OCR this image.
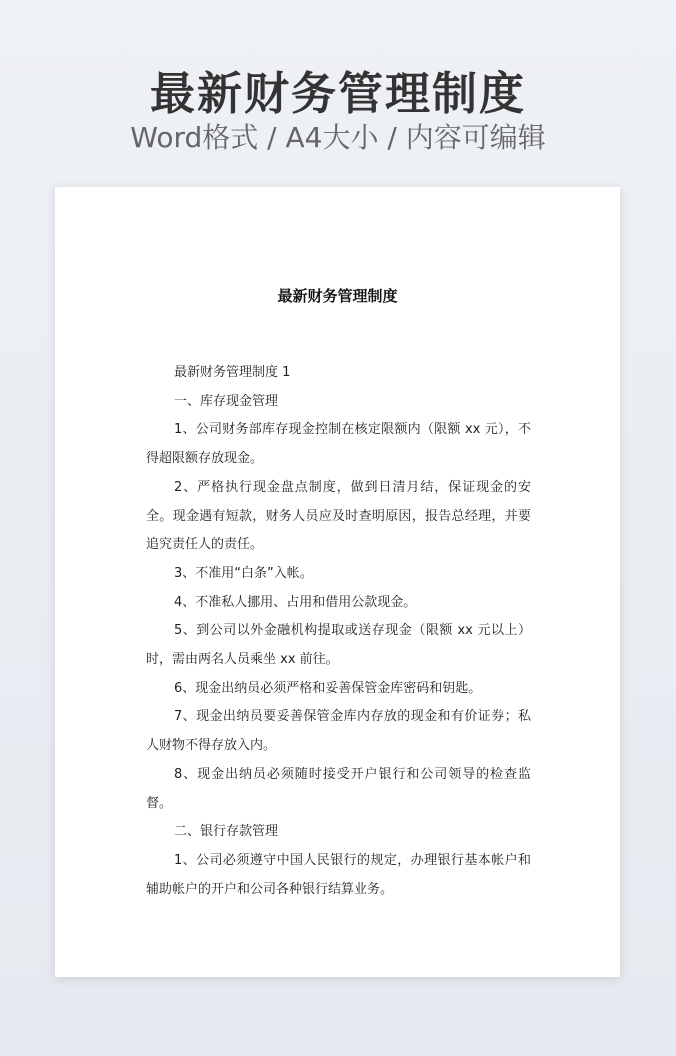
最新财务管理制度
Word格式 / A4大小 / 内容可编辑
最新财务管理制度

最新财务管理制度 1

一、库存现金管理

1、公司财务部库存现金控制在核定限额内（限额 xx 元），不得超限额存放现金。

2、严格执行现金盘点制度，做到日清月结，保证现金的安全。现金遇有短款，财务人员应及时查明原因，报告总经理，并要追究责任人的责任。

3、不准用“白条”入帐。

4、不准私人挪用、占用和借用公款现金。

5、到公司以外金融机构提取或送存现金（限额 xx 元以上）时，需由两名人员乘坐 xx 前往。

6、现金出纳员必须严格和妥善保管金库密码和钥匙。

7、现金出纳员要妥善保管金库内存放的现金和有价证券；私人财物不得存放入内。

8、现金出纳员必须随时接受开户银行和公司领导的检查监督。

二、银行存款管理

1、公司必须遵守中国人民银行的规定，办理银行基本帐户和辅助帐户的开户和公司各种银行结算业务。
